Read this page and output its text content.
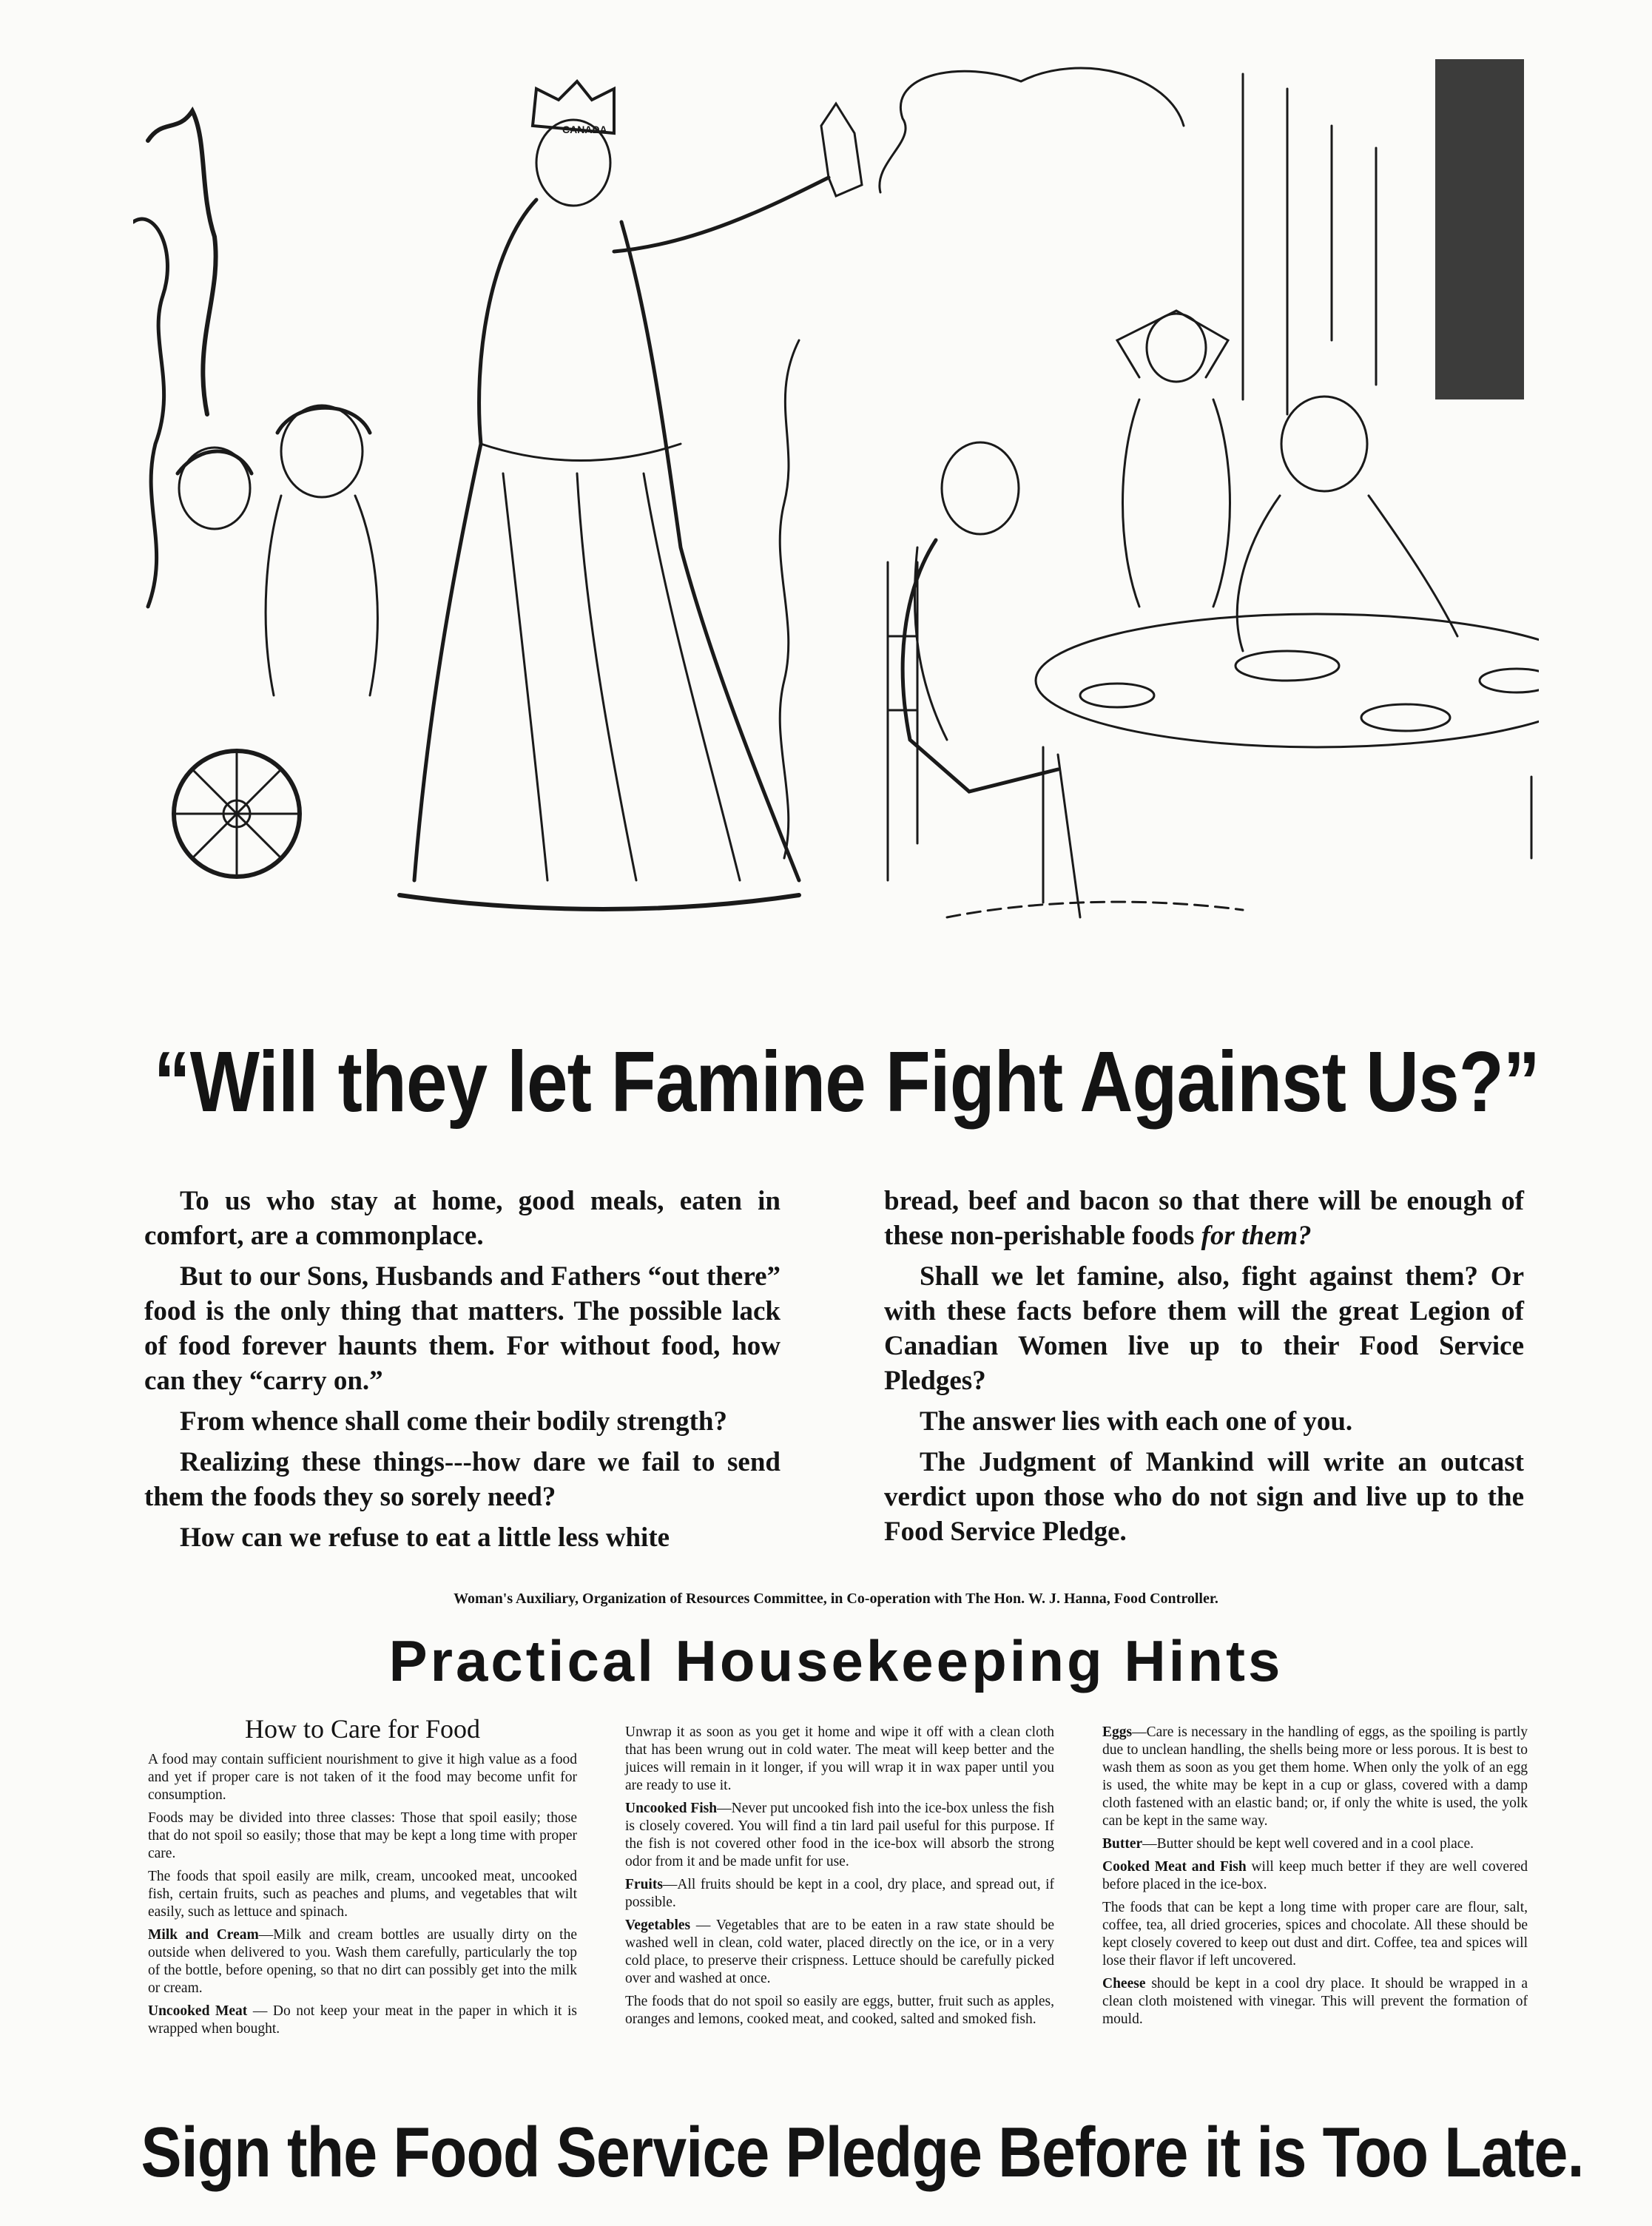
CANADA
“Will they let Famine Fight Against Us?”

To us who stay at home, good meals, eaten in comfort, are a commonplace.

But to our Sons, Husbands and Fathers “out there” food is the only thing that matters. The possible lack of food forever haunts them. For without food, how can they “carry on.”

From whence shall come their bodily strength?

Realizing these things---how dare we fail to send them the foods they so sorely need?

How can we refuse to eat a little less white

bread, beef and bacon so that there will be enough of these non-perishable foods for them?

Shall we let famine, also, fight against them? Or with these facts before them will the great Legion of Canadian Women live up to their Food Service Pledges?

The answer lies with each one of you.

The Judgment of Mankind will write an outcast verdict upon those who do not sign and live up to the Food Service Pledge.

Woman's Auxiliary, Organization of Resources Committee, in Co-operation with The Hon. W. J. Hanna, Food Controller.
Practical Housekeeping Hints
How to Care for Food

A food may contain sufficient nourishment to give it high value as a food and yet if proper care is not taken of it the food may become unfit for consumption.

Foods may be divided into three classes: Those that spoil easily; those that do not spoil so easily; those that may be kept a long time with proper care.

The foods that spoil easily are milk, cream, uncooked meat, uncooked fish, certain fruits, such as peaches and plums, and vegetables that wilt easily, such as lettuce and spinach.

Milk and Cream—Milk and cream bottles are usually dirty on the outside when delivered to you. Wash them carefully, particularly the top of the bottle, before opening, so that no dirt can possibly get into the milk or cream.

Uncooked Meat — Do not keep your meat in the paper in which it is wrapped when bought.

Unwrap it as soon as you get it home and wipe it off with a clean cloth that has been wrung out in cold water. The meat will keep better and the juices will remain in it longer, if you will wrap it in wax paper until you are ready to use it.

Uncooked Fish—Never put uncooked fish into the ice-box unless the fish is closely covered. You will find a tin lard pail useful for this purpose. If the fish is not covered other food in the ice-box will absorb the strong odor from it and be made unfit for use.

Fruits—All fruits should be kept in a cool, dry place, and spread out, if possible.

Vegetables — Vegetables that are to be eaten in a raw state should be washed well in clean, cold water, placed directly on the ice, or in a very cold place, to preserve their crispness. Lettuce should be carefully picked over and washed at once.

The foods that do not spoil so easily are eggs, butter, fruit such as apples, oranges and lemons, cooked meat, and cooked, salted and smoked fish.

Eggs—Care is necessary in the handling of eggs, as the spoiling is partly due to unclean handling, the shells being more or less porous. It is best to wash them as soon as you get them home. When only the yolk of an egg is used, the white may be kept in a cup or glass, covered with a damp cloth fastened with an elastic band; or, if only the white is used, the yolk can be kept in the same way.

Butter—Butter should be kept well covered and in a cool place.

Cooked Meat and Fish will keep much better if they are well covered before placed in the ice-box.

The foods that can be kept a long time with proper care are flour, salt, coffee, tea, all dried groceries, spices and chocolate. All these should be kept closely covered to keep out dust and dirt. Coffee, tea and spices will lose their flavor if left uncovered.

Cheese should be kept in a cool dry place. It should be wrapped in a clean cloth moistened with vinegar. This will prevent the formation of mould.

Sign the Food Service Pledge Before it is Too Late.
